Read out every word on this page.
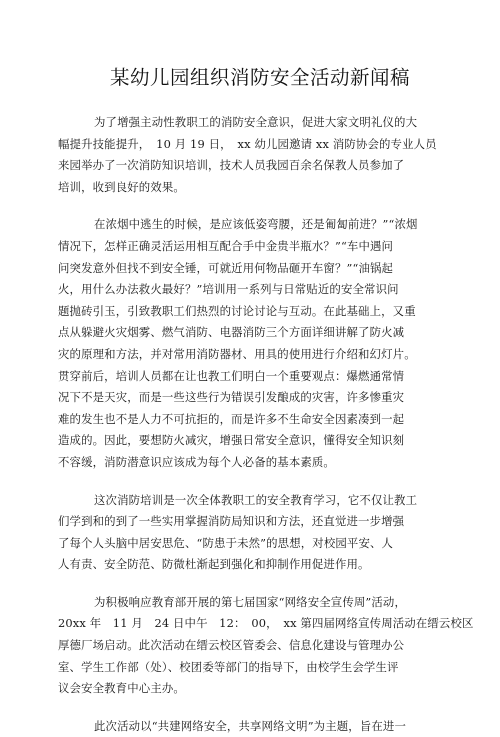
某幼儿园组织消防安全活动新闻稿
为了增强主动性教职工的消防安全意识，促进大家文明礼仪的大
幅提升技能提升，　10 月 19 日，　xx 幼儿园邀请 xx 消防协会的专业人员
来园举办了一次消防知识培训，技术人员我园百余名保教人员参加了
培训，收到良好的效果。
在浓烟中逃生的时候，是应该低姿弯腰，还是匍匐前进？”“浓烟
情况下，怎样正确灵活运用相互配合手中金贵半瓶水？”“车中遇问
问突发意外但找不到安全锤，可就近用何物品砸开车窗？”“油锅起
火，用什么办法救火最好？”培训用一系列与日常贴近的安全常识问
题抛砖引玉，引致教职工们热烈的讨论讨论与互动。在此基础上，又重
点从躲避火灾烟雾、燃气消防、电器消防三个方面详细讲解了防火减
灾的原理和方法，并对常用消防器材、用具的使用进行介绍和幻灯片。
贯穿前后，培训人员都在让也教工们明白一个重要观点：爆燃通常情
况下不是天灾，而是一些这些行为错误引发酿成的灾害，许多惨重灾
难的发生也不是人力不可抗拒的，而是许多不生命安全因素凑到一起
造成的。因此，要想防火减灾，增强日常安全意识，懂得安全知识刻
不容缓，消防潜意识应该成为每个人必备的基本素质。
这次消防培训是一次全体教职工的安全教育学习，它不仅让教工
们学到和的到了一些实用掌握消防局知识和方法，还直觉进一步增强
了每个人头脑中居安思危、“防患于未然”的思想，对校园平安、人
人有责、安全防范、防微杜渐起到强化和抑制作用促进作用。
为积极响应教育部开展的第七届国家“网络安全宣传周”活动，
20xx 年　11 月　24 日中午　12：　00，　xx 第四届网络宣传周活动在缙云校区
厚德厂场启动。此次活动在缙云校区管委会、信息化建设与管理办公
室、学生工作部（处）、校团委等部门的指导下，由校学生会学生评
议会安全教育中心主办。
此次活动以“共建网络安全，共享网络文明”为主题，旨在进一
